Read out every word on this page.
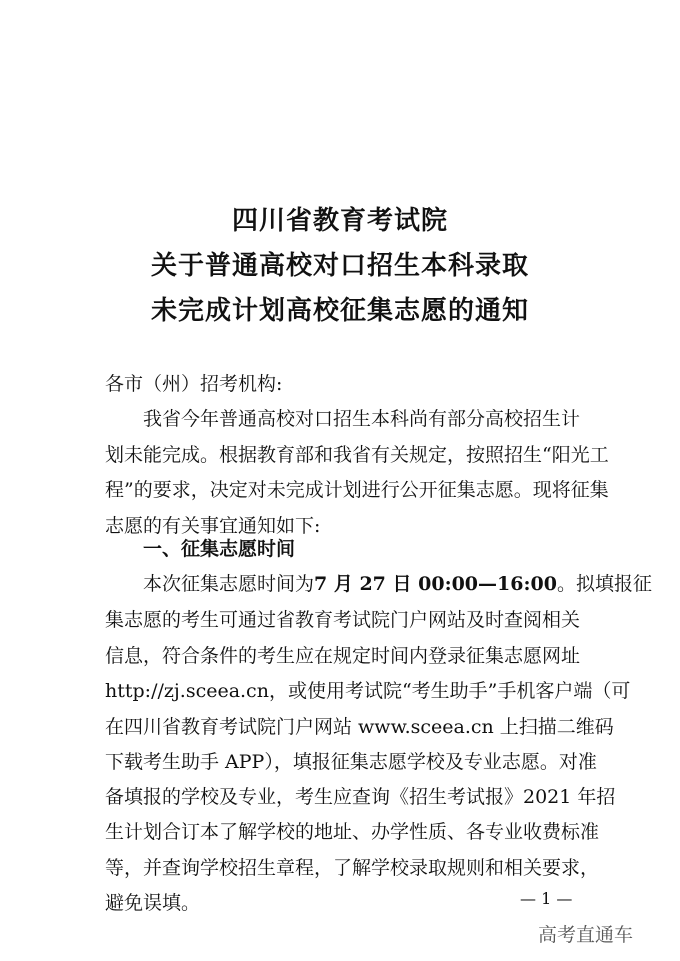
四川省教育考试院
关于普通高校对口招生本科录取
未完成计划高校征集志愿的通知
各市（州）招考机构:
我省今年普通高校对口招生本科尚有部分高校招生计
划未能完成。根据教育部和我省有关规定，按照招生“阳光工
程”的要求，决定对未完成计划进行公开征集志愿。现将征集
志愿的有关事宜通知如下:
一、征集志愿时间
本次征集志愿时间为7 月 27 日 00:00—16:00。拟填报征
集志愿的考生可通过省教育考试院门户网站及时查阅相关
信息，符合条件的考生应在规定时间内登录征集志愿网址
http://zj.sceea.cn，或使用考试院“考生助手”手机客户端（可
在四川省教育考试院门户网站 www.sceea.cn 上扫描二维码
下载考生助手 APP），填报征集志愿学校及专业志愿。对准
备填报的学校及专业，考生应查询《招生考试报》2021 年招
生计划合订本了解学校的地址、办学性质、各专业收费标准
等，并查询学校招生章程，了解学校录取规则和相关要求，
避免误填。	— 1 —
高考直通车
